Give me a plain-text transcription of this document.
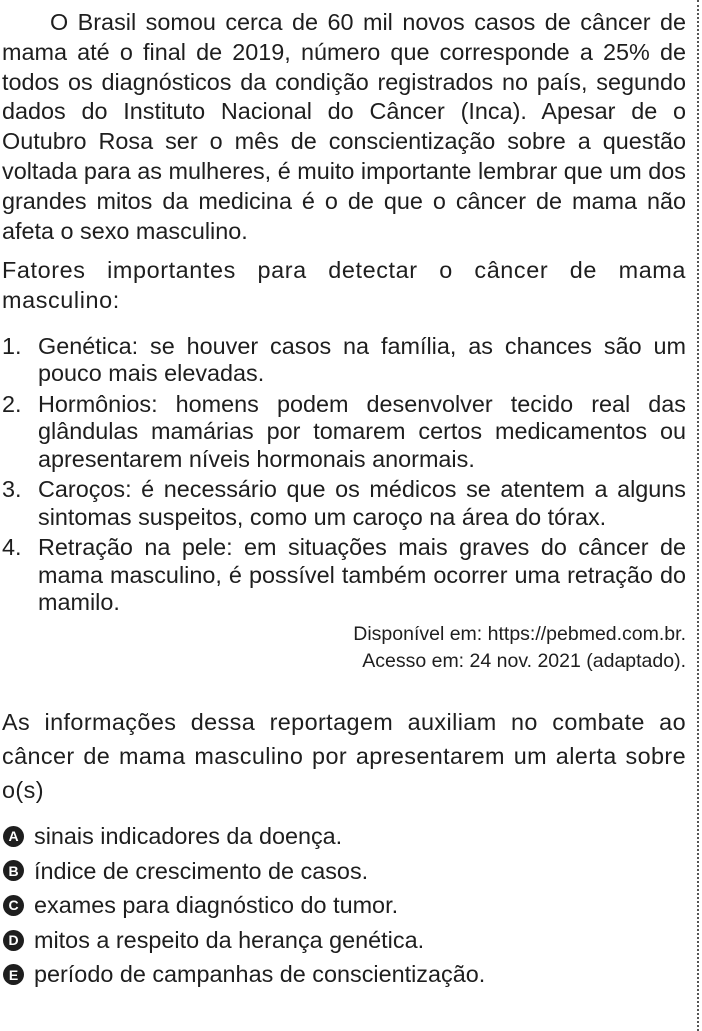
O Brasil somou cerca de 60 mil novos casos de câncer de mama até o final de 2019, número que corresponde a 25% de todos os diagnósticos da condição registrados no país, segundo dados do Instituto Nacional do Câncer (Inca). Apesar de o Outubro Rosa ser o mês de conscientização sobre a questão voltada para as mulheres, é muito importante lembrar que um dos grandes mitos da medicina é o de que o câncer de mama não afeta o sexo masculino.

Fatores importantes para detectar o câncer de mama masculino:

1. Genética: se houver casos na família, as chances são um pouco mais elevadas.
2. Hormônios: homens podem desenvolver tecido real das glândulas mamárias por tomarem certos medicamentos ou apresentarem níveis hormonais anormais.
3. Caroços: é necessário que os médicos se atentem a alguns sintomas suspeitos, como um caroço na área do tórax.
4. Retração na pele: em situações mais graves do câncer de mama masculino, é possível também ocorrer uma retração do mamilo.
Disponível em: https://pebmed.com.br.
Acesso em: 24 nov. 2021 (adaptado).

As informações dessa reportagem auxiliam no combate ao câncer de mama masculino por apresentarem um alerta sobre o(s)

A sinais indicadores da doença.
B índice de crescimento de casos.
C exames para diagnóstico do tumor.
D mitos a respeito da herança genética.
E período de campanhas de conscientização.
